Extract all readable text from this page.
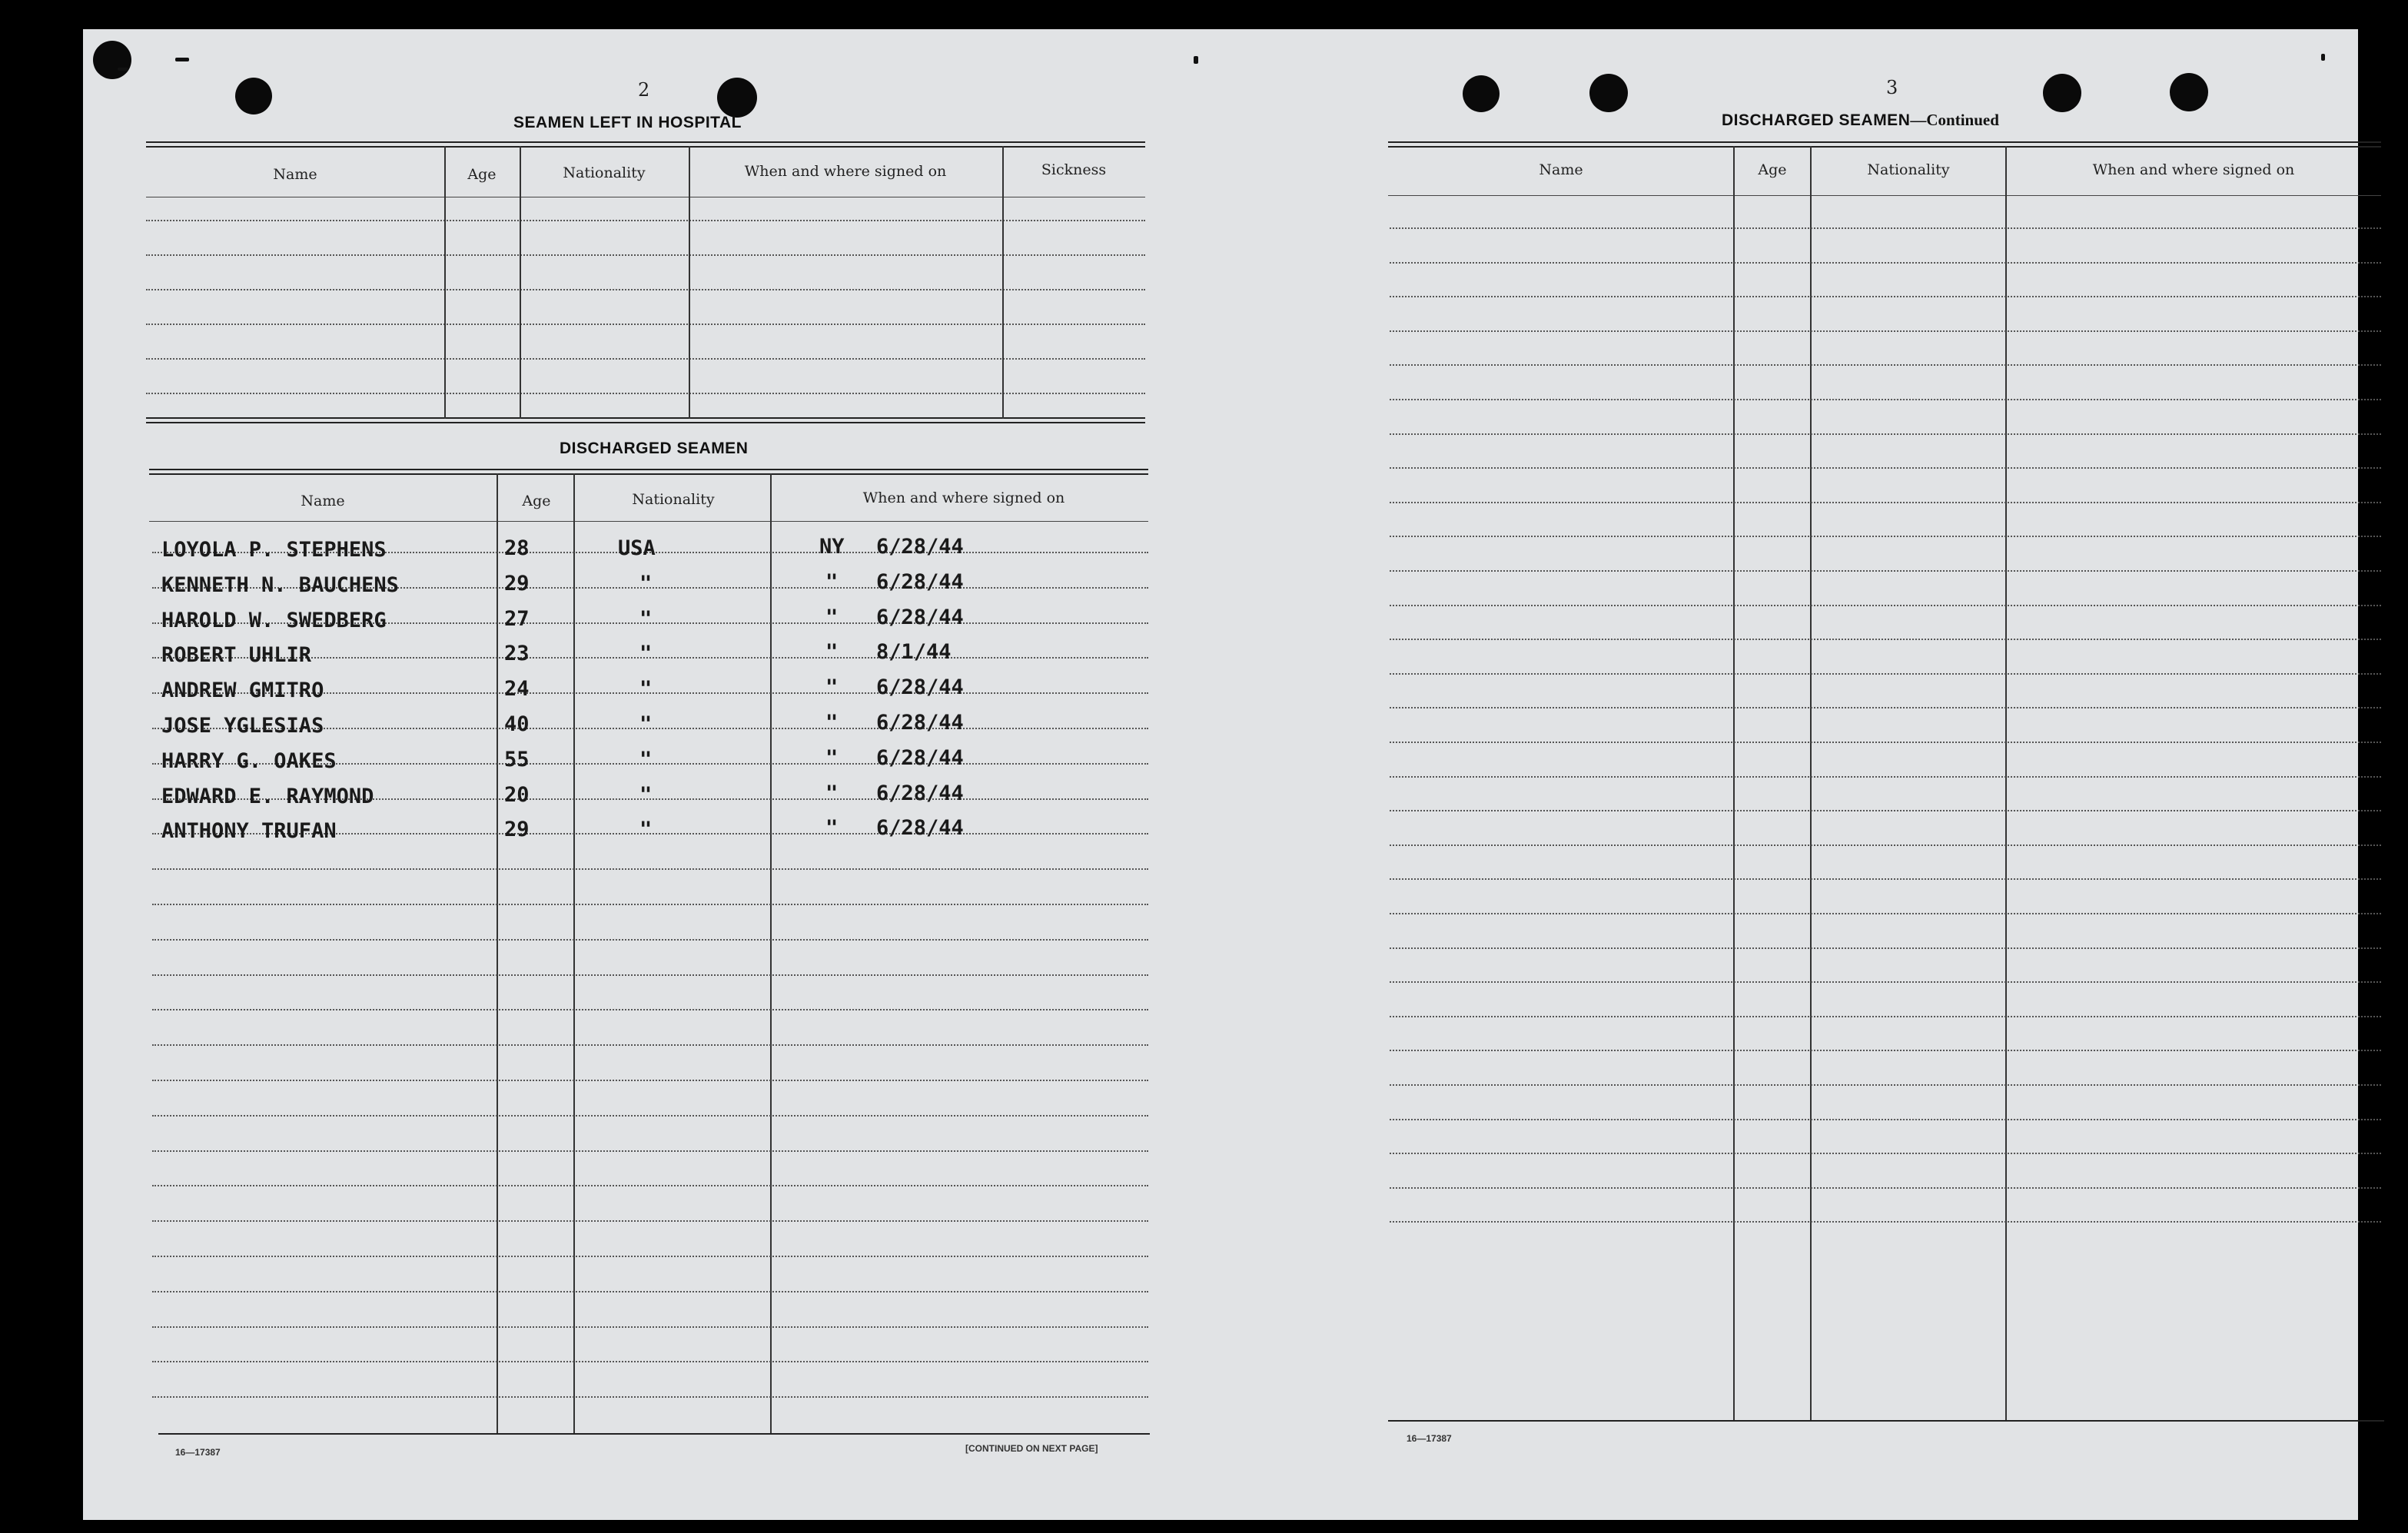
2
SEAMEN LEFT IN HOSPITAL
Name	Age	Nationality	When and where signed on	Sickness
DISCHARGED SEAMEN
Name	Age	Nationality	When and where signed on
LOYOLA P. STEPHENS	28	USA	NY 6/28/44
KENNETH N. BAUCHENS	29	"	" 6/28/44
HAROLD W. SWEDBERG	27	"	" 6/28/44
ROBERT UHLIR	23	"	" 8/1/44
ANDREW GMITRO	24	"	" 6/28/44
JOSE YGLESIAS	40	"	" 6/28/44
HARRY G. OAKES	55	"	" 6/28/44
EDWARD E. RAYMOND	20	"	" 6/28/44
ANTHONY TRUFAN	29	"	" 6/28/44
16—17387	[CONTINUED ON NEXT PAGE]
3
DISCHARGED SEAMEN—Continued
Name	Age	Nationality	When and where signed on
16—17387
